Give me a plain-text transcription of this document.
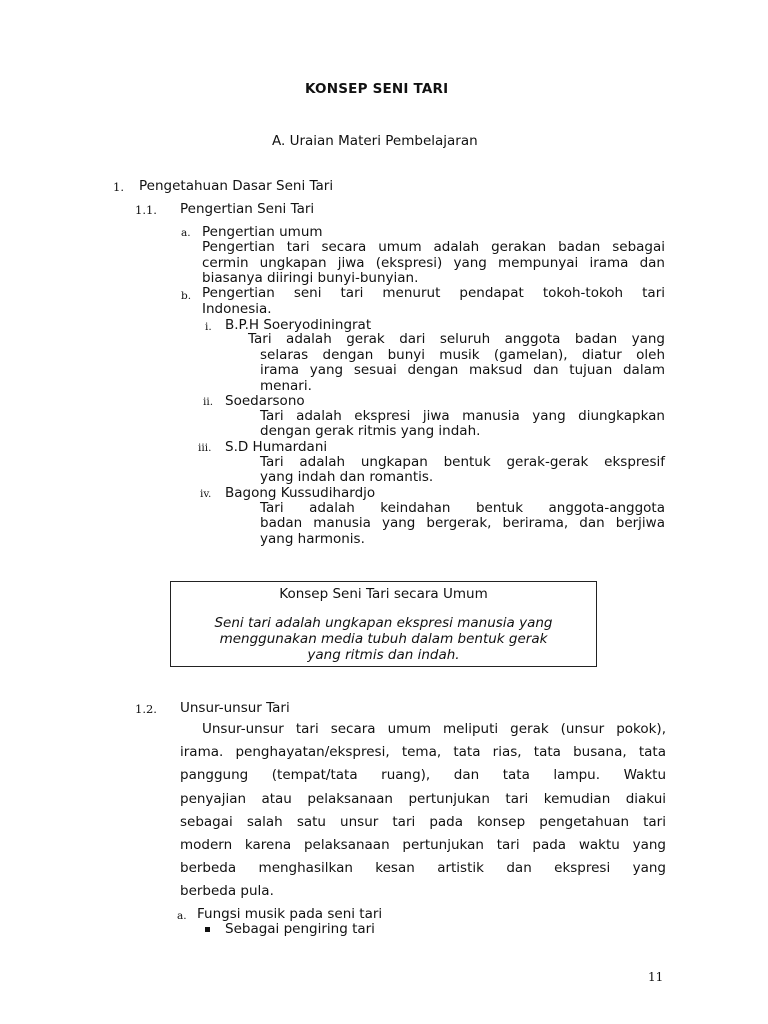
KONSEP SENI TARI
A. Uraian Materi Pembelajaran
1. Pengetahuan Dasar Seni Tari
1.1. Pengertian Seni Tari
a. Pengertian umum
Pengertian tari secara umum adalah gerakan badan sebagai
cermin ungkapan jiwa (ekspresi) yang mempunyai irama dan
biasanya diiringi bunyi-bunyian.
b. Pengertian seni tari menurut pendapat tokoh-tokoh tari
Indonesia.
i. B.P.H Soeryodiningrat
Tari adalah gerak dari seluruh anggota badan yang
selaras dengan bunyi musik (gamelan), diatur oleh
irama yang sesuai dengan maksud dan tujuan dalam
menari.
ii. Soedarsono
Tari adalah ekspresi jiwa manusia yang diungkapkan
dengan gerak ritmis yang indah.
iii. S.D Humardani
Tari adalah ungkapan bentuk gerak-gerak ekspresif
yang indah dan romantis.
iv. Bagong Kussudihardjo
Tari adalah keindahan bentuk anggota-anggota
badan manusia yang bergerak, berirama, dan berjiwa
yang harmonis.
Konsep Seni Tari secara Umum
Seni tari adalah ungkapan ekspresi manusia yang
menggunakan media tubuh dalam bentuk gerak
yang ritmis dan indah.
1.2. Unsur-unsur Tari
Unsur-unsur tari secara umum meliputi gerak (unsur pokok),
irama. penghayatan/ekspresi, tema, tata rias, tata busana, tata
panggung (tempat/tata ruang), dan tata lampu. Waktu
penyajian atau pelaksanaan pertunjukan tari kemudian diakui
sebagai salah satu unsur tari pada konsep pengetahuan tari
modern karena pelaksanaan pertunjukan tari pada waktu yang
berbeda menghasilkan kesan artistik dan ekspresi yang
berbeda pula.
a. Fungsi musik pada seni tari
Sebagai pengiring tari
11
